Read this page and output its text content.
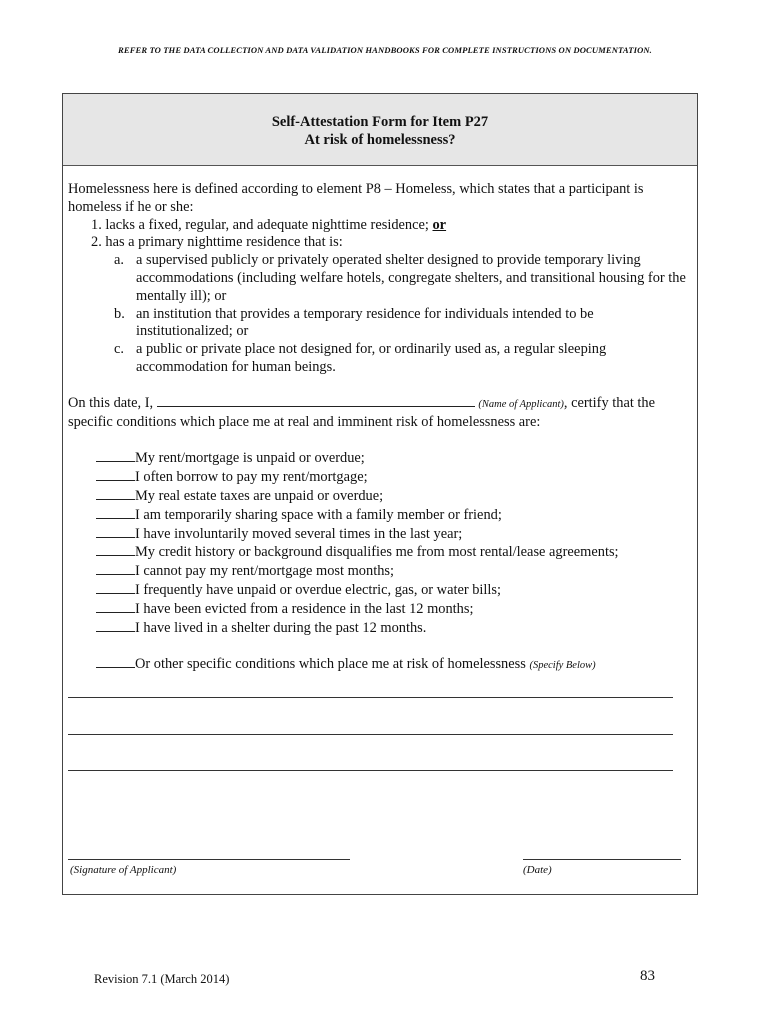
REFER TO THE DATA COLLECTION AND DATA VALIDATION HANDBOOKS FOR COMPLETE INSTRUCTIONS ON DOCUMENTATION.
Self-Attestation Form for Item P27
At risk of homelessness?

Homelessness here is defined according to element P8 – Homeless, which states that a participant is homeless if he or she:

1. lacks a fixed, regular, and adequate nighttime residence; or
2. has a primary nighttime residence that is:
a. a supervised publicly or privately operated shelter designed to provide temporary living accommodations (including welfare hotels, congregate shelters, and transitional housing for the mentally ill); or
b. an institution that provides a temporary residence for individuals intended to be institutionalized; or
c. a public or private place not designed for, or ordinarily used as, a regular sleeping accommodation for human beings.

On this date, I,	(Name of Applicant), certify that the specific conditions which place me at real and imminent risk of homelessness are:

My rent/mortgage is unpaid or overdue;
I often borrow to pay my rent/mortgage;
My real estate taxes are unpaid or overdue;
I am temporarily sharing space with a family member or friend;
I have involuntarily moved several times in the last year;
My credit history or background disqualifies me from most rental/lease agreements;
I cannot pay my rent/mortgage most months;
I frequently have unpaid or overdue electric, gas, or water bills;
I have been evicted from a residence in the last 12 months;
I have lived in a shelter during the past 12 months.
Or other specific conditions which place me at risk of homelessness
(Specify Below)
(Signature of Applicant)	(Date)
Revision 7.1 (March 2014)	83
